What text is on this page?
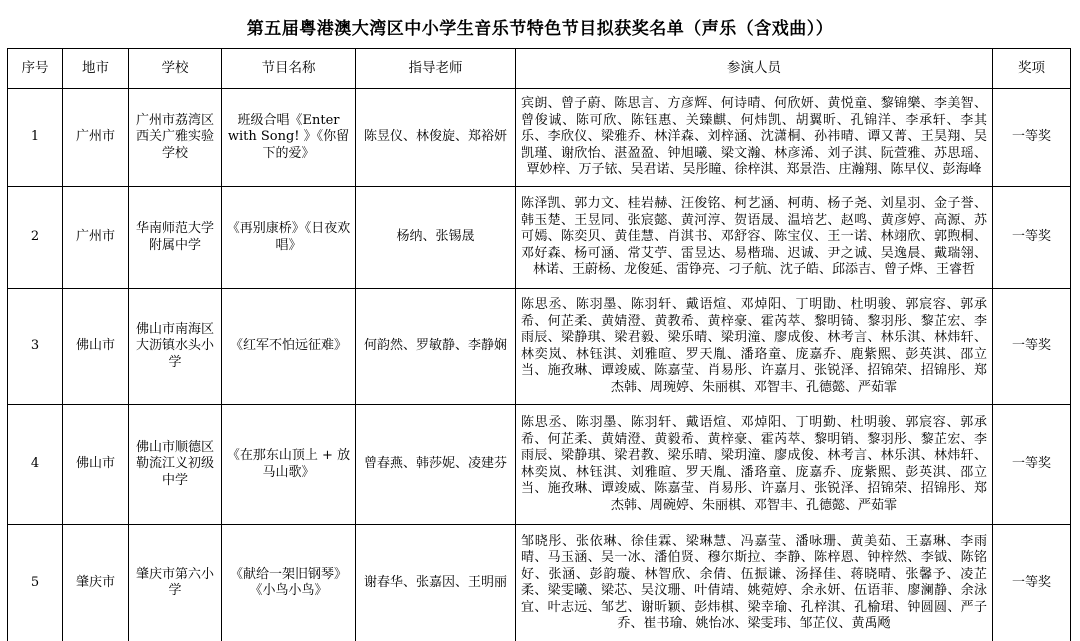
第五届粤港澳大湾区中小学生音乐节特色节目拟获奖名单（声乐（含戏曲））
序号	地市	学校	节目名称	指导老师	参演人员	奖项
1	广州市	广州市荔湾区西关广雅实验学校	班级合唱《Enter with Song! 》《你留下的爱》	陈昱仪、林俊旋、郑裕妍	宾朗、曾子蔚、陈思言、方彦辉、何诗晴、何欣妍、黄悦童、黎锦樂、李美智、曾俊诚、陈可欣、陈钰惠、关臻麒、何炜凯、胡翼昕、孔锦洋、李承轩、李其乐、李欣仪、梁雅乔、林洋森、刘梓涵、沈潇桐、孙祎晴、谭又菁、王昊翔、吴凯瑾、谢欣怡、湛盈盈、钟旭曦、梁文瀚、林彦浠、刘子淇、阮萱雅、苏思瑶、覃妙梓、万子铱、吴君诺、吴彤瞳、徐梓淇、郑景浩、庄瀚翔、陈早仪、彭海峰	一等奖
2	广州市	华南师范大学附属中学	《再别康桥》《日夜欢唱》	杨纳、张锡晟	陈泽凯、郭力文、桂岩赫、汪俊铭、柯艺涵、柯萌、杨子尧、刘星羽、金子誉、韩玉楚、王昱同、张宸懿、黄河淳、贺语晟、温培艺、赵鸣、黄彦婷、高源、苏可嫣、陈奕贝、黄佳慧、肖淇书、邓舒容、陈宝仪、王一诺、林翊欣、郭煦桐、邓好森、杨可涵、常艾苧、雷昱达、易楷瑞、迟诚、尹之诚、吴逸晨、戴瑞翎、林诺、王蔚杨、龙俊延、雷铮亮、刁子航、沈子皓、邱添吉、曾子烨、王睿哲	一等奖
3	佛山市	佛山市南海区大沥镇水头小学	《红军不怕远征难》	何韵然、罗敏静、李静娴	陈思丞、陈羽墨、陈羽轩、戴语煊、邓焯阳、丁明勖、杜明骏、郭宸容、郭承希、何芷柔、黄婧澄、黄教希、黄梓豪、霍芮萃、黎明锜、黎羽彤、黎芷宏、李雨辰、梁静琪、梁君毅、梁乐晴、梁玥潼、廖成俊、林考言、林乐淇、林炜轩、林奕岚、林钰淇、刘雅暄、罗天胤、潘珞童、庞嘉乔、鹿紫熙、彭英淇、邵立当、施孜琳、谭竣威、陈嘉莹、肖易彤、许嘉月、张锐泽、招锦荣、招锦彤、郑杰韩、周琬婷、朱丽棋、邓智丰、孔德懿、严茹霏	一等奖
4	佛山市	佛山市顺德区勒流江义初级中学	《在那东山顶上 + 放马山歌》	曾春燕、韩莎妮、凌建芬	陈思丞、陈羽墨、陈羽轩、戴语煊、邓焯阳、丁明勤、杜明骏、郭宸容、郭承希、何芷柔、黄婧澄、黄毅希、黄梓豪、霍芮萃、黎明销、黎羽彤、黎芷宏、李雨辰、梁静琪、梁君教、梁乐晴、梁玥潼、廖成俊、林考言、林乐淇、林炜轩、林奕岚、林钰淇、刘雅暄、罗天胤、潘珞童、庞嘉乔、庞紫熙、彭英淇、邵立当、施孜琳、谭竣威、陈嘉莹、肖易彤、许嘉月、张锐泽、招锦荣、招锦彤、郑杰韩、周碗婷、朱丽棋、邓智丰、孔德懿、严茹霏	一等奖
5	肇庆市	肇庆市第六小学	《献给一架旧钢琴》《小鸟小鸟》	谢春华、张嘉因、王明丽	邹晓彤、张依琳、徐佳霖、梁琳慧、冯嘉莹、潘咏珊、黄美茹、王嘉琳、李雨晴、马玉涵、吴一冰、潘伯贤、穆尔斯拉、李静、陈梓恩、钟梓然、李钺、陈铭好、张涵、彭韵璇、林智欣、余倩、伍振谦、汤择佳、蒋晓晴、张馨予、凌芷柔、梁雯曦、梁芯、吴汶珊、叶倩靖、姚菀婷、余永妍、伍语菲、廖澜静、余泳宜、叶志远、邹艺、谢昕颖、彭炜棋、梁幸瑜、孔梓淇、孔榆珺、钟圆圆、严子乔、崔书瑜、姚怡冰、梁雯玮、邹芷仪、黄禹飏	一等奖
